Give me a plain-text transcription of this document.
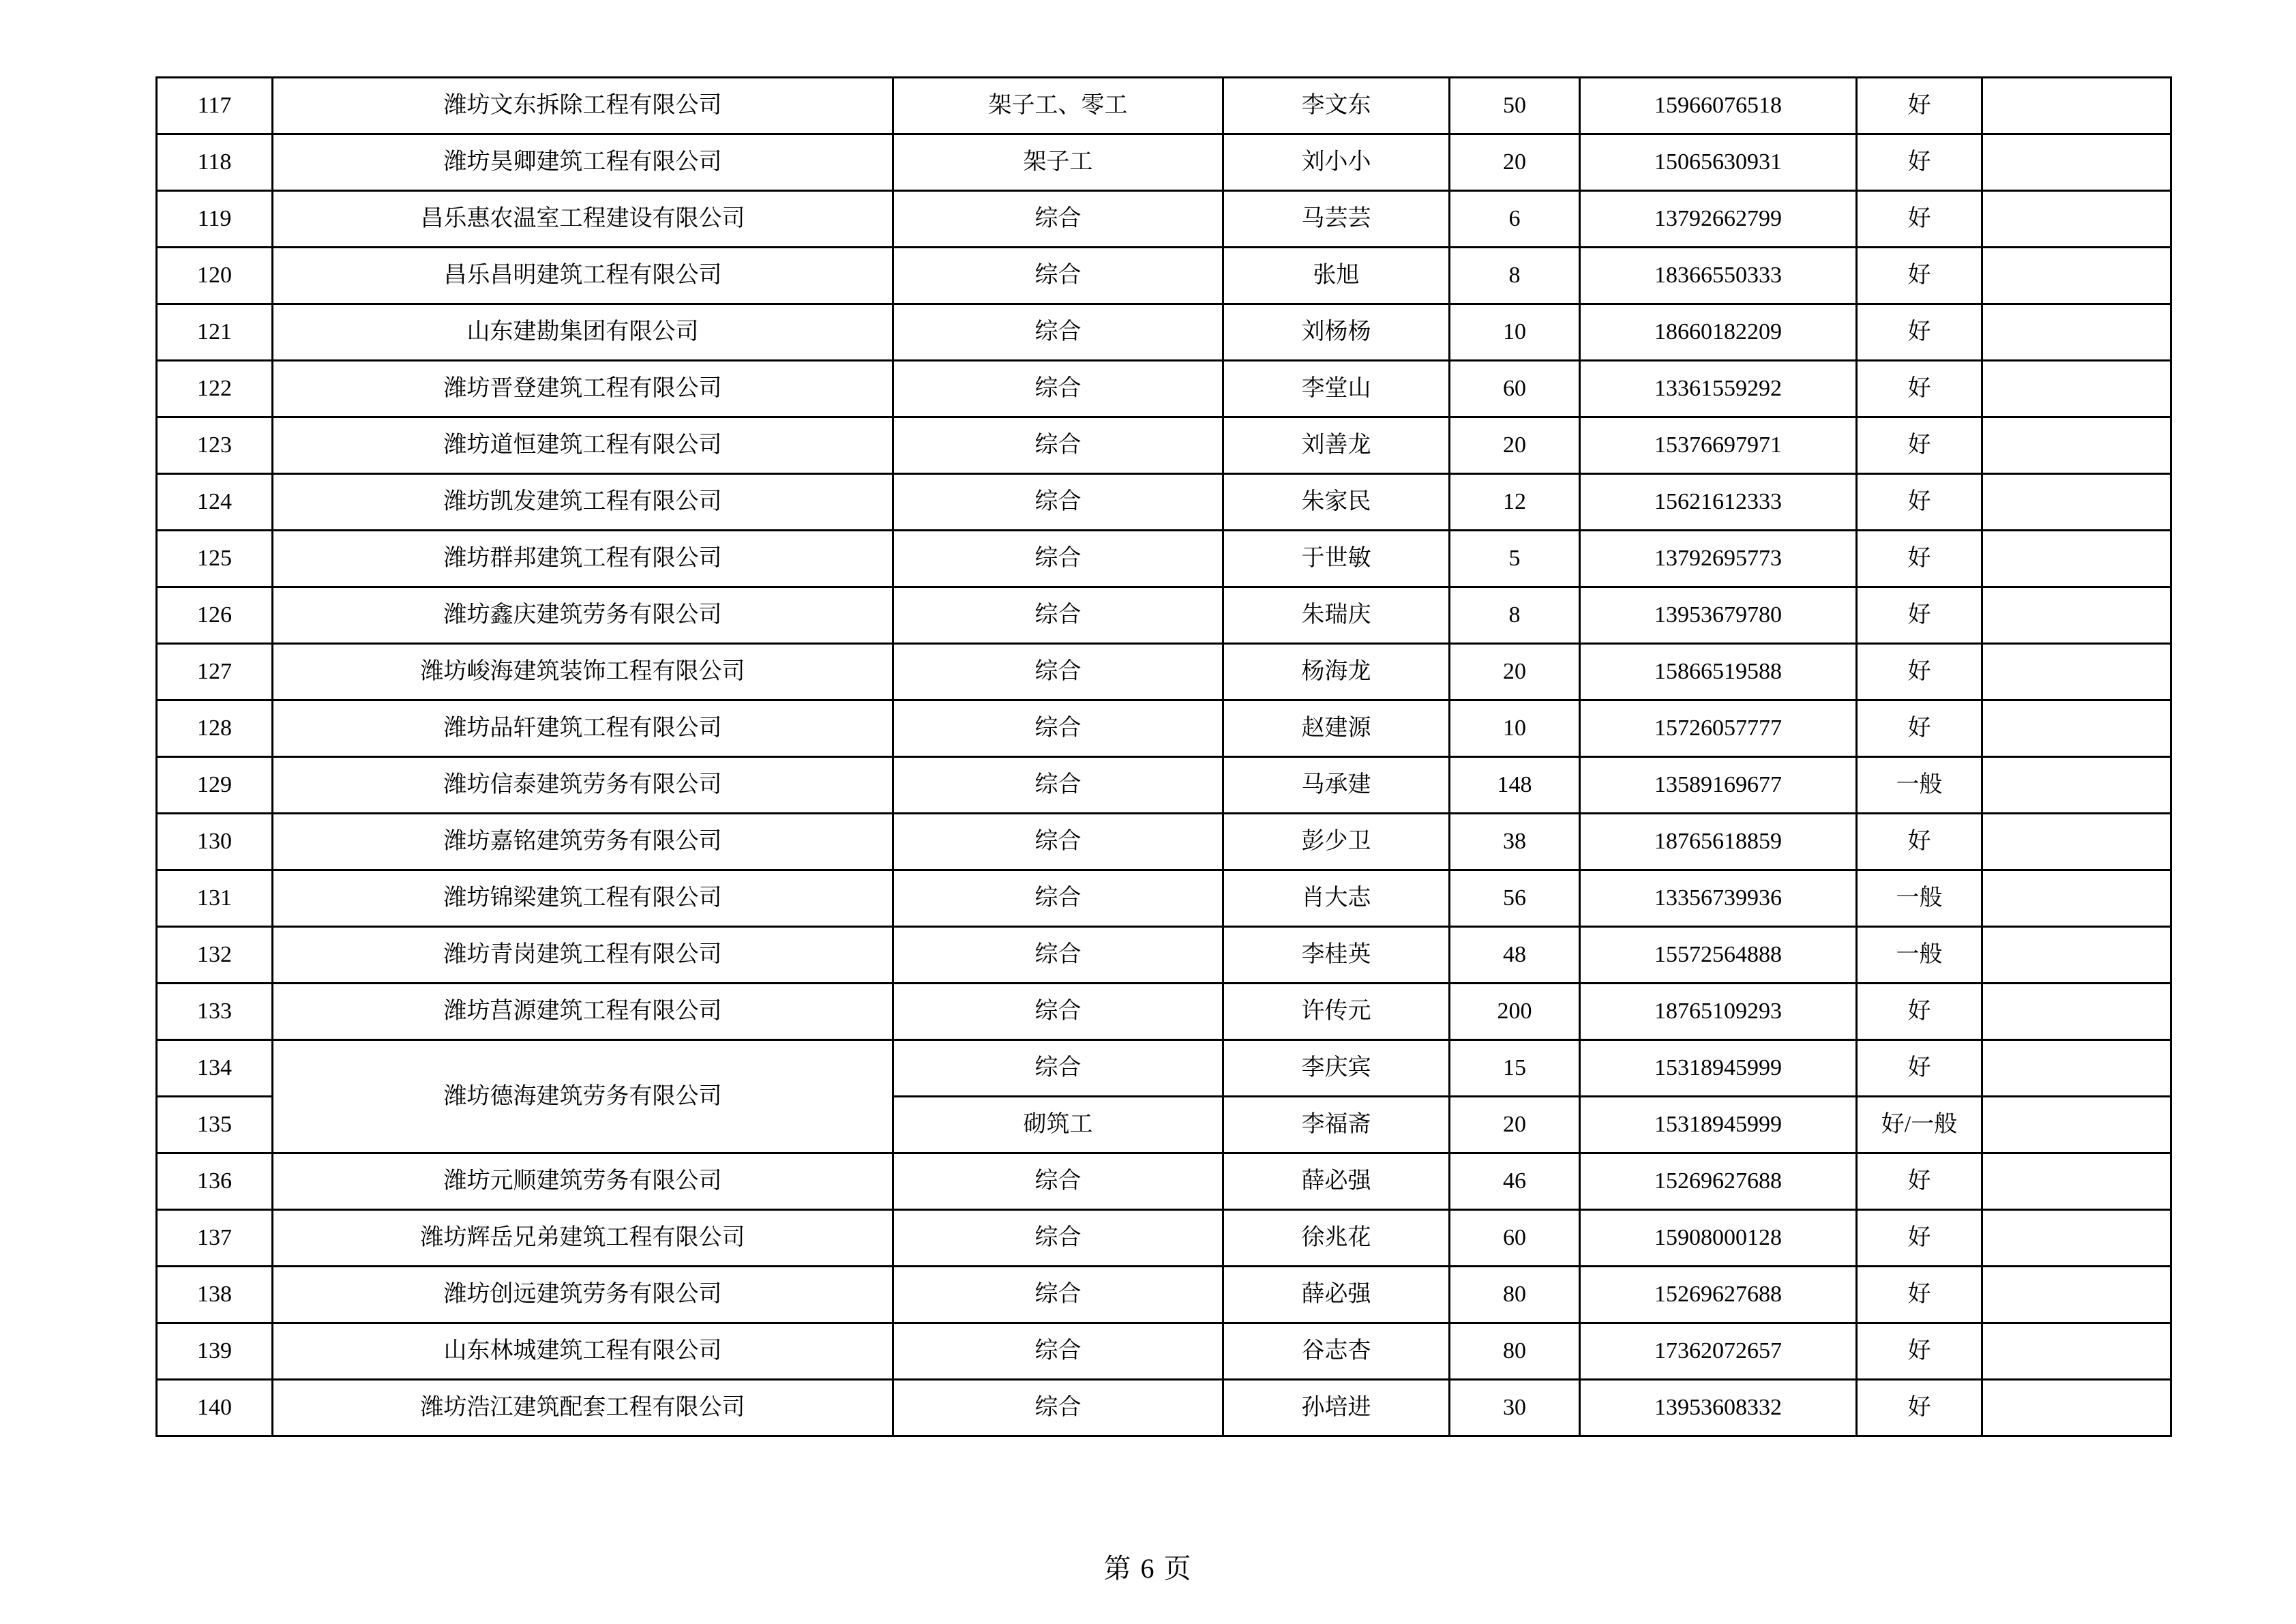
117	潍坊文东拆除工程有限公司	架子工、零工	李文东	50	15966076518	好	
118	潍坊昊卿建筑工程有限公司	架子工	刘小小	20	15065630931	好	
119	昌乐惠农温室工程建设有限公司	综合	马芸芸	6	13792662799	好	
120	昌乐昌明建筑工程有限公司	综合	张旭	8	18366550333	好	
121	山东建勘集团有限公司	综合	刘杨杨	10	18660182209	好	
122	潍坊晋登建筑工程有限公司	综合	李堂山	60	13361559292	好	
123	潍坊道恒建筑工程有限公司	综合	刘善龙	20	15376697971	好	
124	潍坊凯发建筑工程有限公司	综合	朱家民	12	15621612333	好	
125	潍坊群邦建筑工程有限公司	综合	于世敏	5	13792695773	好	
126	潍坊鑫庆建筑劳务有限公司	综合	朱瑞庆	8	13953679780	好	
127	潍坊峻海建筑装饰工程有限公司	综合	杨海龙	20	15866519588	好	
128	潍坊品轩建筑工程有限公司	综合	赵建源	10	15726057777	好	
129	潍坊信泰建筑劳务有限公司	综合	马承建	148	13589169677	一般	
130	潍坊嘉铭建筑劳务有限公司	综合	彭少卫	38	18765618859	好	
131	潍坊锦梁建筑工程有限公司	综合	肖大志	56	13356739936	一般	
132	潍坊青岗建筑工程有限公司	综合	李桂英	48	15572564888	一般	
133	潍坊莒源建筑工程有限公司	综合	许传元	200	18765109293	好	
134	潍坊德海建筑劳务有限公司	综合	李庆宾	15	15318945999	好	
135		砌筑工	李福斋	20	15318945999	好/一般	
136	潍坊元顺建筑劳务有限公司	综合	薛必强	46	15269627688	好	
137	潍坊辉岳兄弟建筑工程有限公司	综合	徐兆花	60	15908000128	好	
138	潍坊创远建筑劳务有限公司	综合	薛必强	80	15269627688	好	
139	山东林城建筑工程有限公司	综合	谷志杏	80	17362072657	好	
140	潍坊浩江建筑配套工程有限公司	综合	孙培进	30	13953608332	好	
第 6 页
